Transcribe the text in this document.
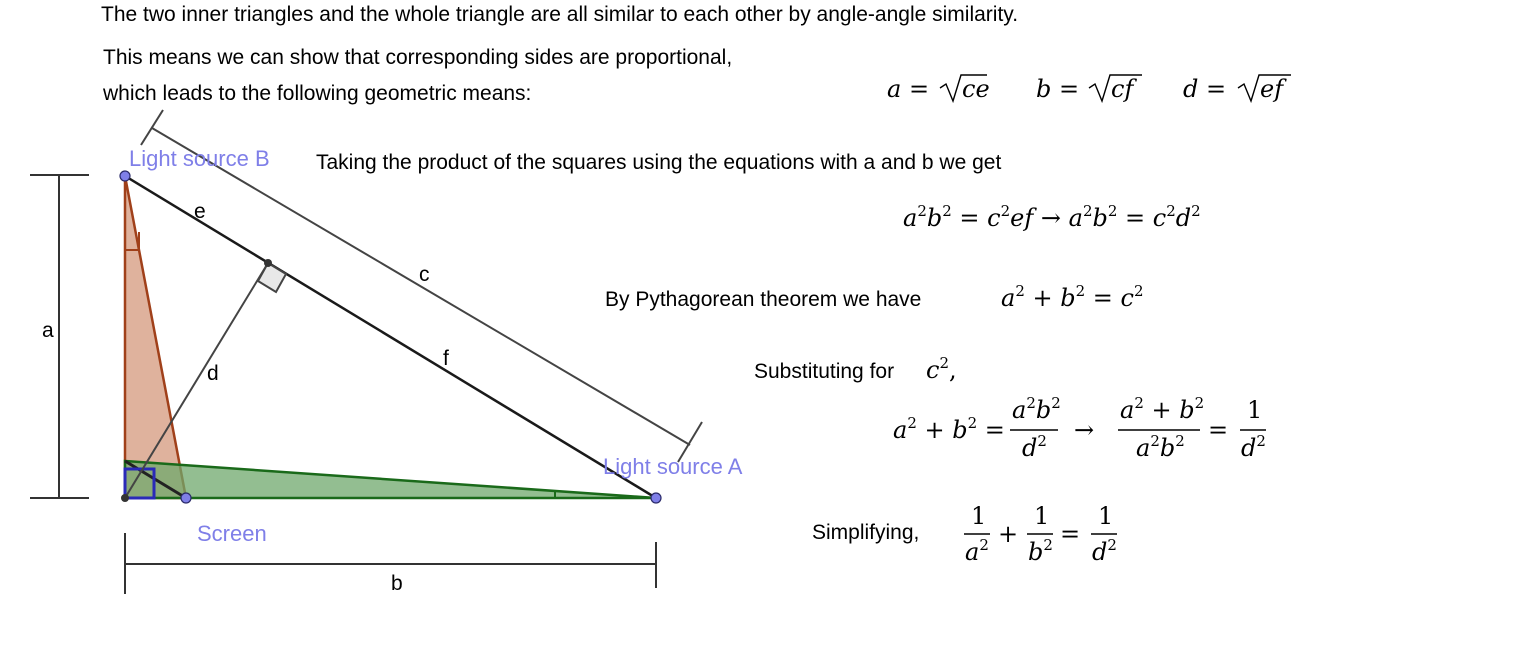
The two inner triangles and the whole triangle are all similar to each other by angle-angle similarity.
This means we can show that corresponding sides are proportional,
which leads to the following geometric means:
a
b
c
e
f
d
Light source B
Light source A
Screen
Taking the product of the squares using the equations with a and b we get
By Pythagorean theorem we have
Substituting for
Simplifying,
a = ce b = cf d = ef
$a^2b^2 = c^2ef \to a^2b^2 = c^2d^2$
$a^2 + b^2 = c^2$
$c^2$,
$a^2 + b^2$ =
$a^2b^2$
$d^2$ →
$a^2 + b^2$
$a^2b^2$ =
1
$d^2$
1
$a^2$ +
1
$b^2$ =
1
$d^2$
